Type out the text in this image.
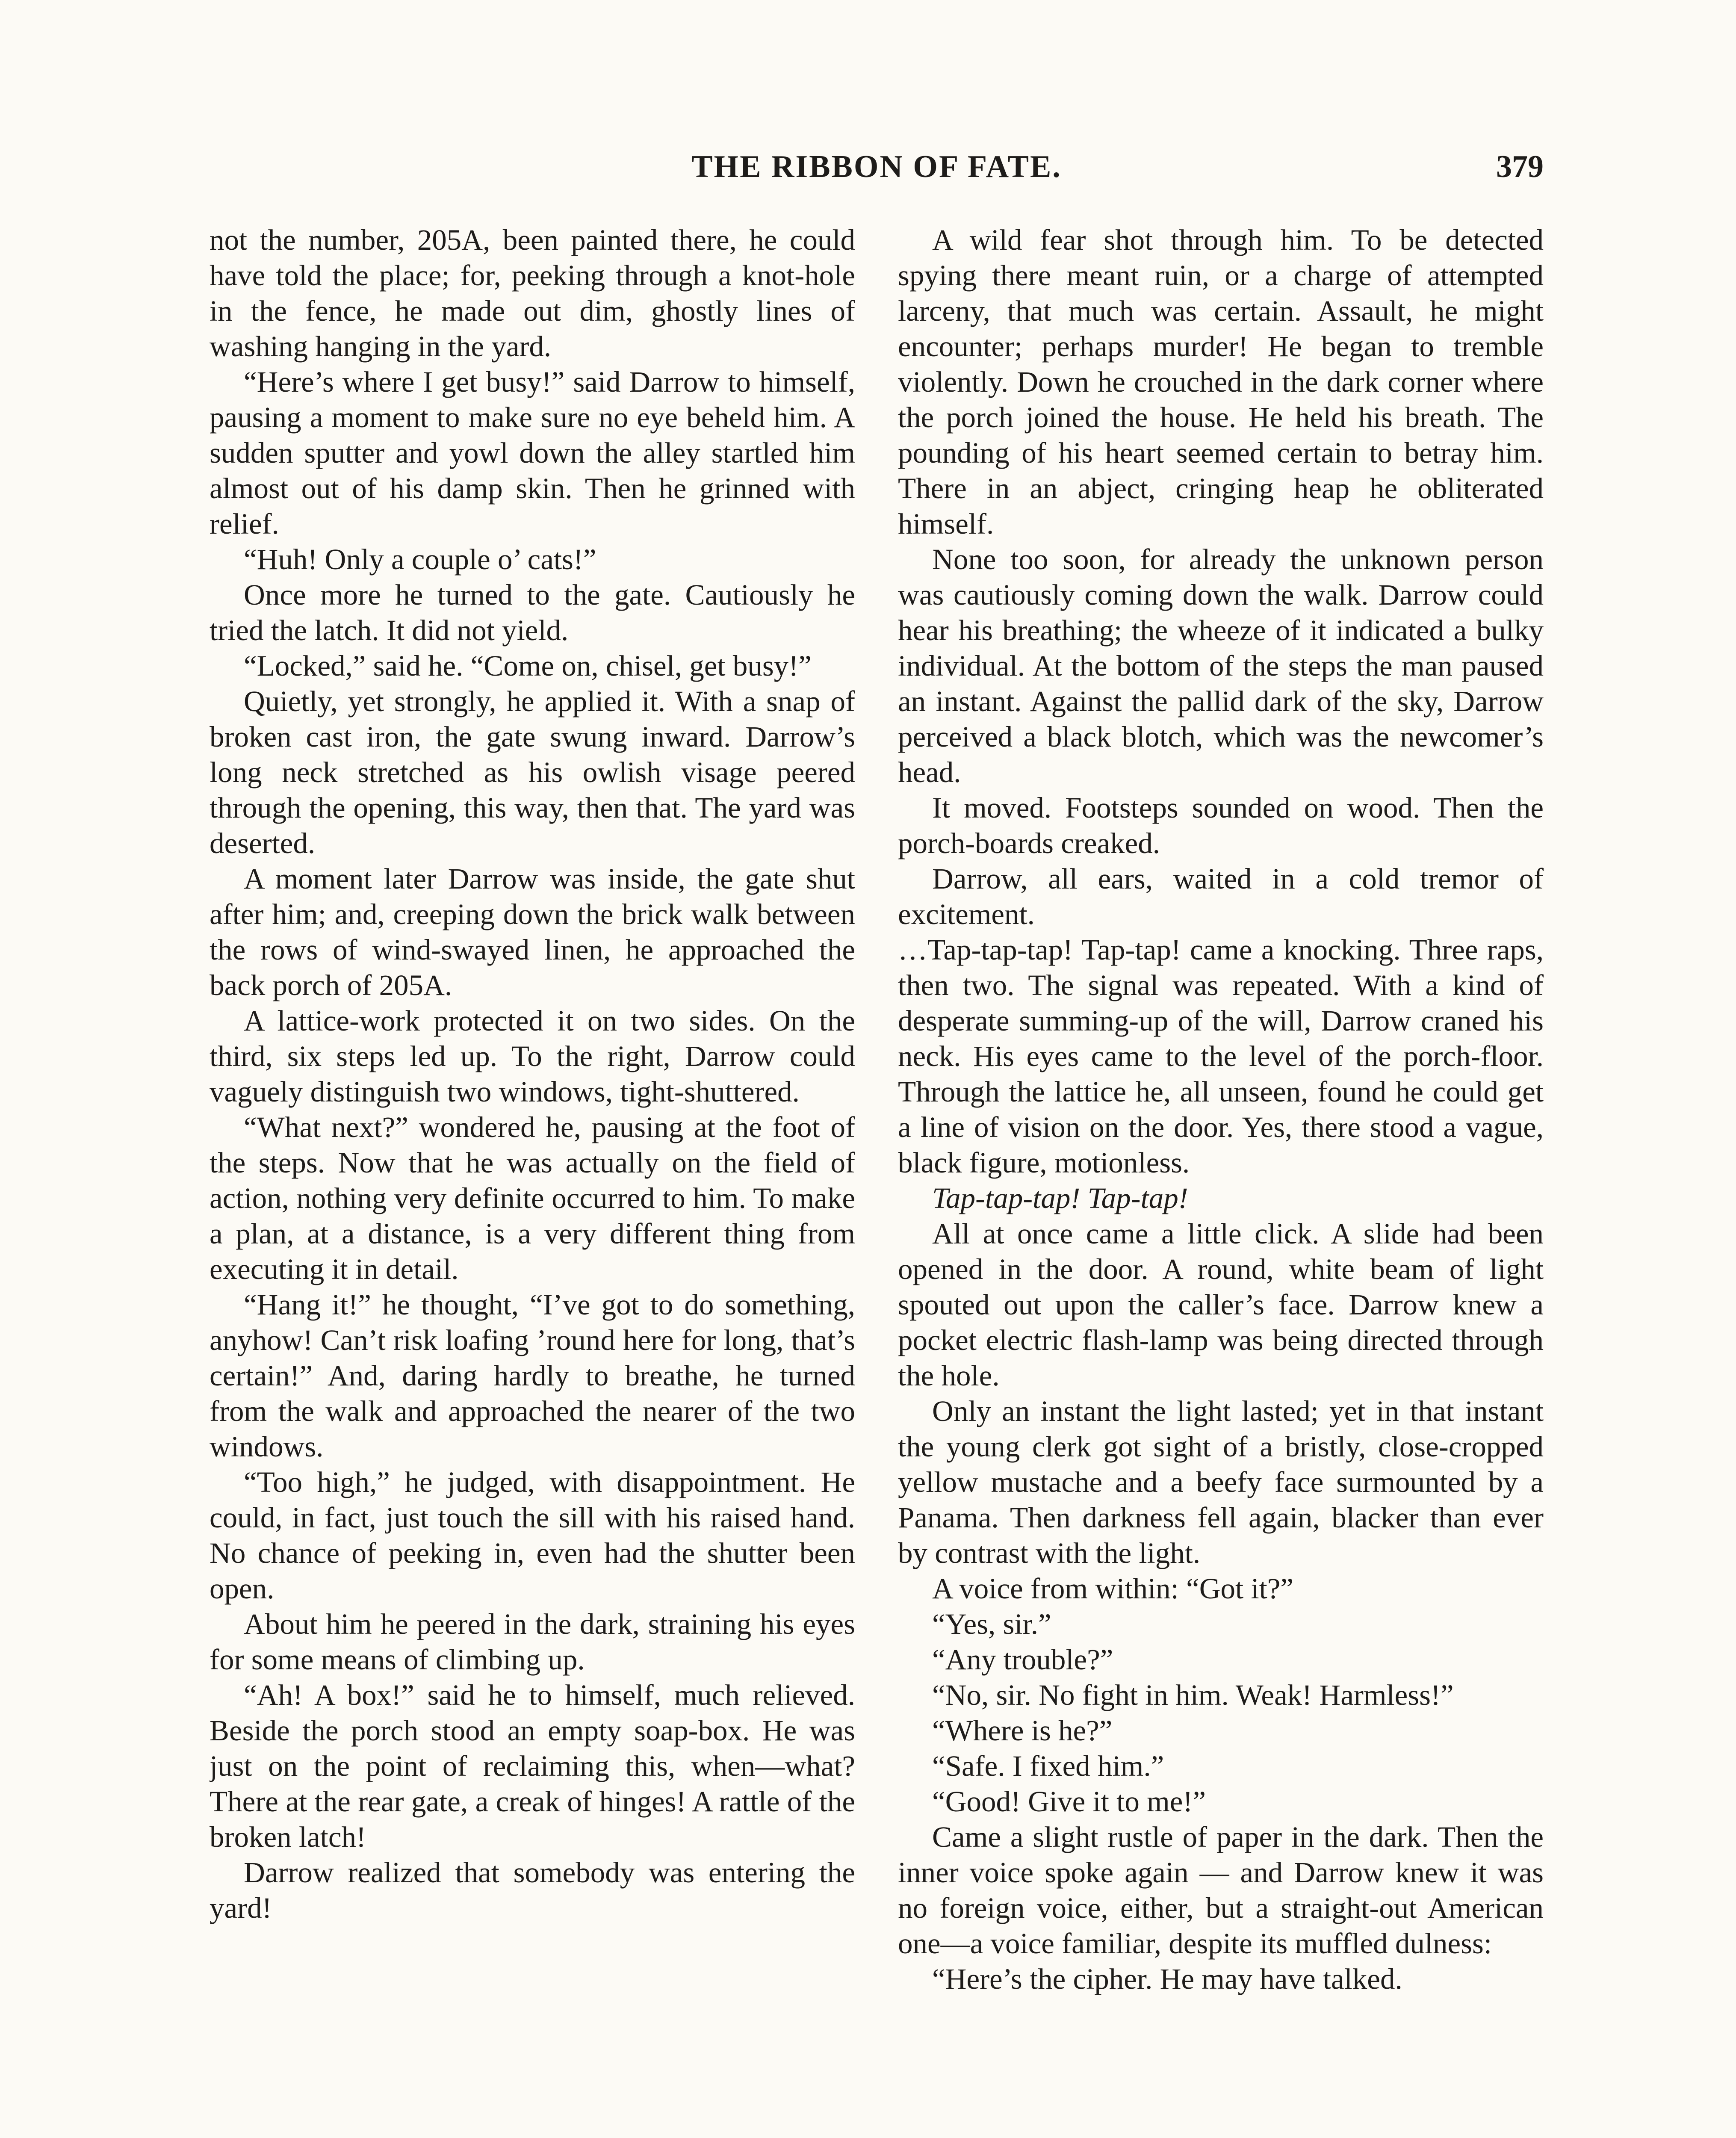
THE RIBBON OF FATE.	379

not the number, 205A, been painted there, he could have told the place; for, peeking through a knot-hole in the fence, he made out dim, ghostly lines of washing hanging in the yard.

“Here’s where I get busy!” said Darrow to himself, pausing a moment to make sure no eye beheld him. A sudden sputter and yowl down the alley startled him almost out of his damp skin. Then he grinned with relief.

“Huh! Only a couple o’ cats!”

Once more he turned to the gate. Cautiously he tried the latch. It did not yield.

“Locked,” said he. “Come on, chisel, get busy!”

Quietly, yet strongly, he applied it. With a snap of broken cast iron, the gate swung inward. Darrow’s long neck stretched as his owlish visage peered through the opening, this way, then that. The yard was deserted.

A moment later Darrow was inside, the gate shut after him; and, creeping down the brick walk between the rows of wind-swayed linen, he approached the back porch of 205A.

A lattice-work protected it on two sides. On the third, six steps led up. To the right, Darrow could vaguely distinguish two windows, tight-shuttered.

“What next?” wondered he, pausing at the foot of the steps. Now that he was actually on the field of action, nothing very definite occurred to him. To make a plan, at a distance, is a very different thing from executing it in detail.

“Hang it!” he thought, “I’ve got to do something, anyhow! Can’t risk loafing ’round here for long, that’s certain!” And, daring hardly to breathe, he turned from the walk and approached the nearer of the two windows.

“Too high,” he judged, with disappointment. He could, in fact, just touch the sill with his raised hand. No chance of peeking in, even had the shutter been open.

About him he peered in the dark, straining his eyes for some means of climbing up.

“Ah! A box!” said he to himself, much relieved. Beside the porch stood an empty soap-box. He was just on the point of reclaiming this, when—what? There at the rear gate, a creak of hinges! A rattle of the broken latch!

Darrow realized that somebody was entering the yard!

A wild fear shot through him. To be detected spying there meant ruin, or a charge of attempted larceny, that much was certain. Assault, he might encounter; perhaps murder! He began to tremble violently. Down he crouched in the dark corner where the porch joined the house. He held his breath. The pounding of his heart seemed certain to betray him. There in an abject, cringing heap he obliterated himself.

None too soon, for already the unknown person was cautiously coming down the walk. Darrow could hear his breathing; the wheeze of it indicated a bulky individual. At the bottom of the steps the man paused an instant. Against the pallid dark of the sky, Darrow perceived a black blotch, which was the newcomer’s head.

It moved. Footsteps sounded on wood. Then the porch-boards creaked.

Darrow, all ears, waited in a cold tremor of excitement.

…Tap-tap-tap! Tap-tap! came a knocking. Three raps, then two. The signal was repeated. With a kind of desperate summing-up of the will, Darrow craned his neck. His eyes came to the level of the porch-floor. Through the lattice he, all unseen, found he could get a line of vision on the door. Yes, there stood a vague, black figure, motionless.

Tap-tap-tap! Tap-tap!

All at once came a little click. A slide had been opened in the door. A round, white beam of light spouted out upon the caller’s face. Darrow knew a pocket electric flash-lamp was being directed through the hole.

Only an instant the light lasted; yet in that instant the young clerk got sight of a bristly, close-cropped yellow mustache and a beefy face surmounted by a Panama. Then darkness fell again, blacker than ever by contrast with the light.

A voice from within: “Got it?”

“Yes, sir.”

“Any trouble?”

“No, sir. No fight in him. Weak! Harmless!”

“Where is he?”

“Safe. I fixed him.”

“Good! Give it to me!”

Came a slight rustle of paper in the dark. Then the inner voice spoke again — and Darrow knew it was no foreign voice, either, but a straight-out American one—a voice familiar, despite its muffled dulness:

“Here’s the cipher. He may have talked.
